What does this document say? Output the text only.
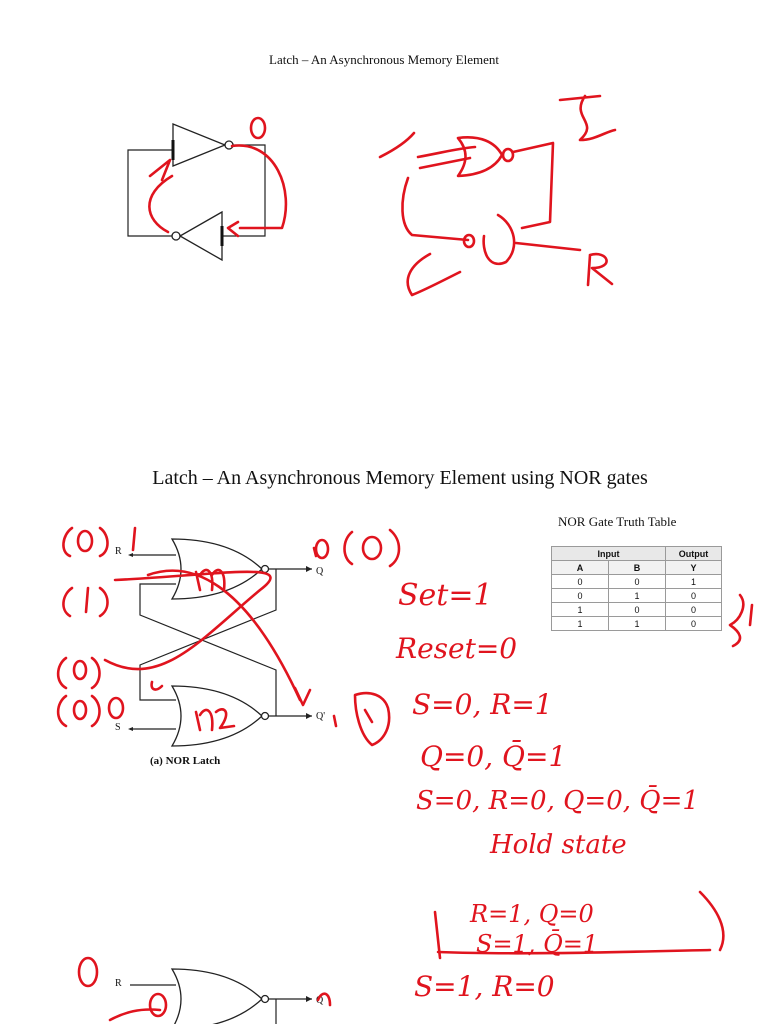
Latch – An Asynchronous Memory Element
Latch – An Asynchronous Memory Element using NOR gates
NOR Gate Truth Table
Input		Output
A	B	Y
0	0	1
0	1	0
1	0	0
1	1	0
R
S
Q
Q'
(a) NOR Latch
R
Q
Set=1
Reset=0
S=0, R=1
Q=0, Q̄=1
S=0, R=0, Q=0, Q̄=1
Hold state
R=1, Q=0
S=1, Q̄=1
S=1, R=0
